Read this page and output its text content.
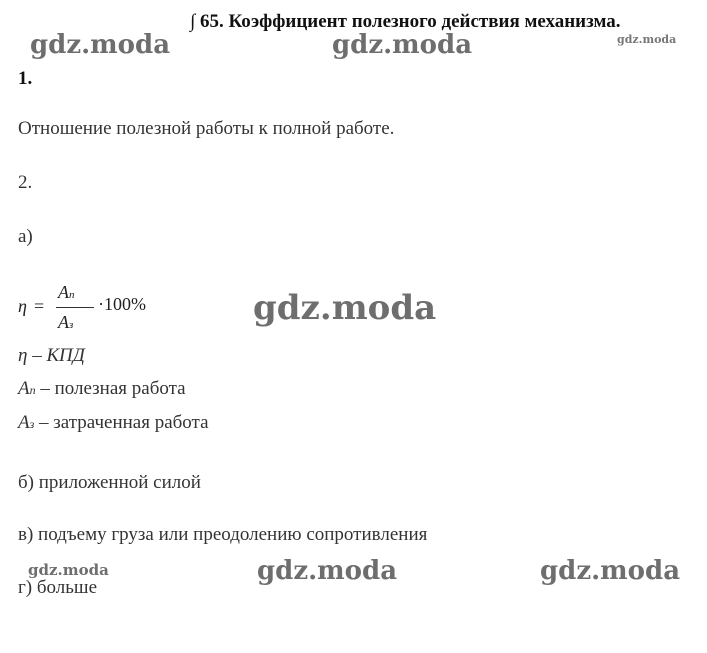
∫ 65. Коэффициент полезного действия механизма.
gdz.moda	gdz.moda	gdz.moda
gdz.moda
gdz.moda	gdz.moda	gdz.moda
1.
Отношение полезной работы к полной работе.
2.
а)
η =
Aп
Aз
·100%
η – КПД
Aп – полезная работа
Aз – затраченная работа
б) приложенной силой
в) подъему груза или преодолению сопротивления
г) больше
